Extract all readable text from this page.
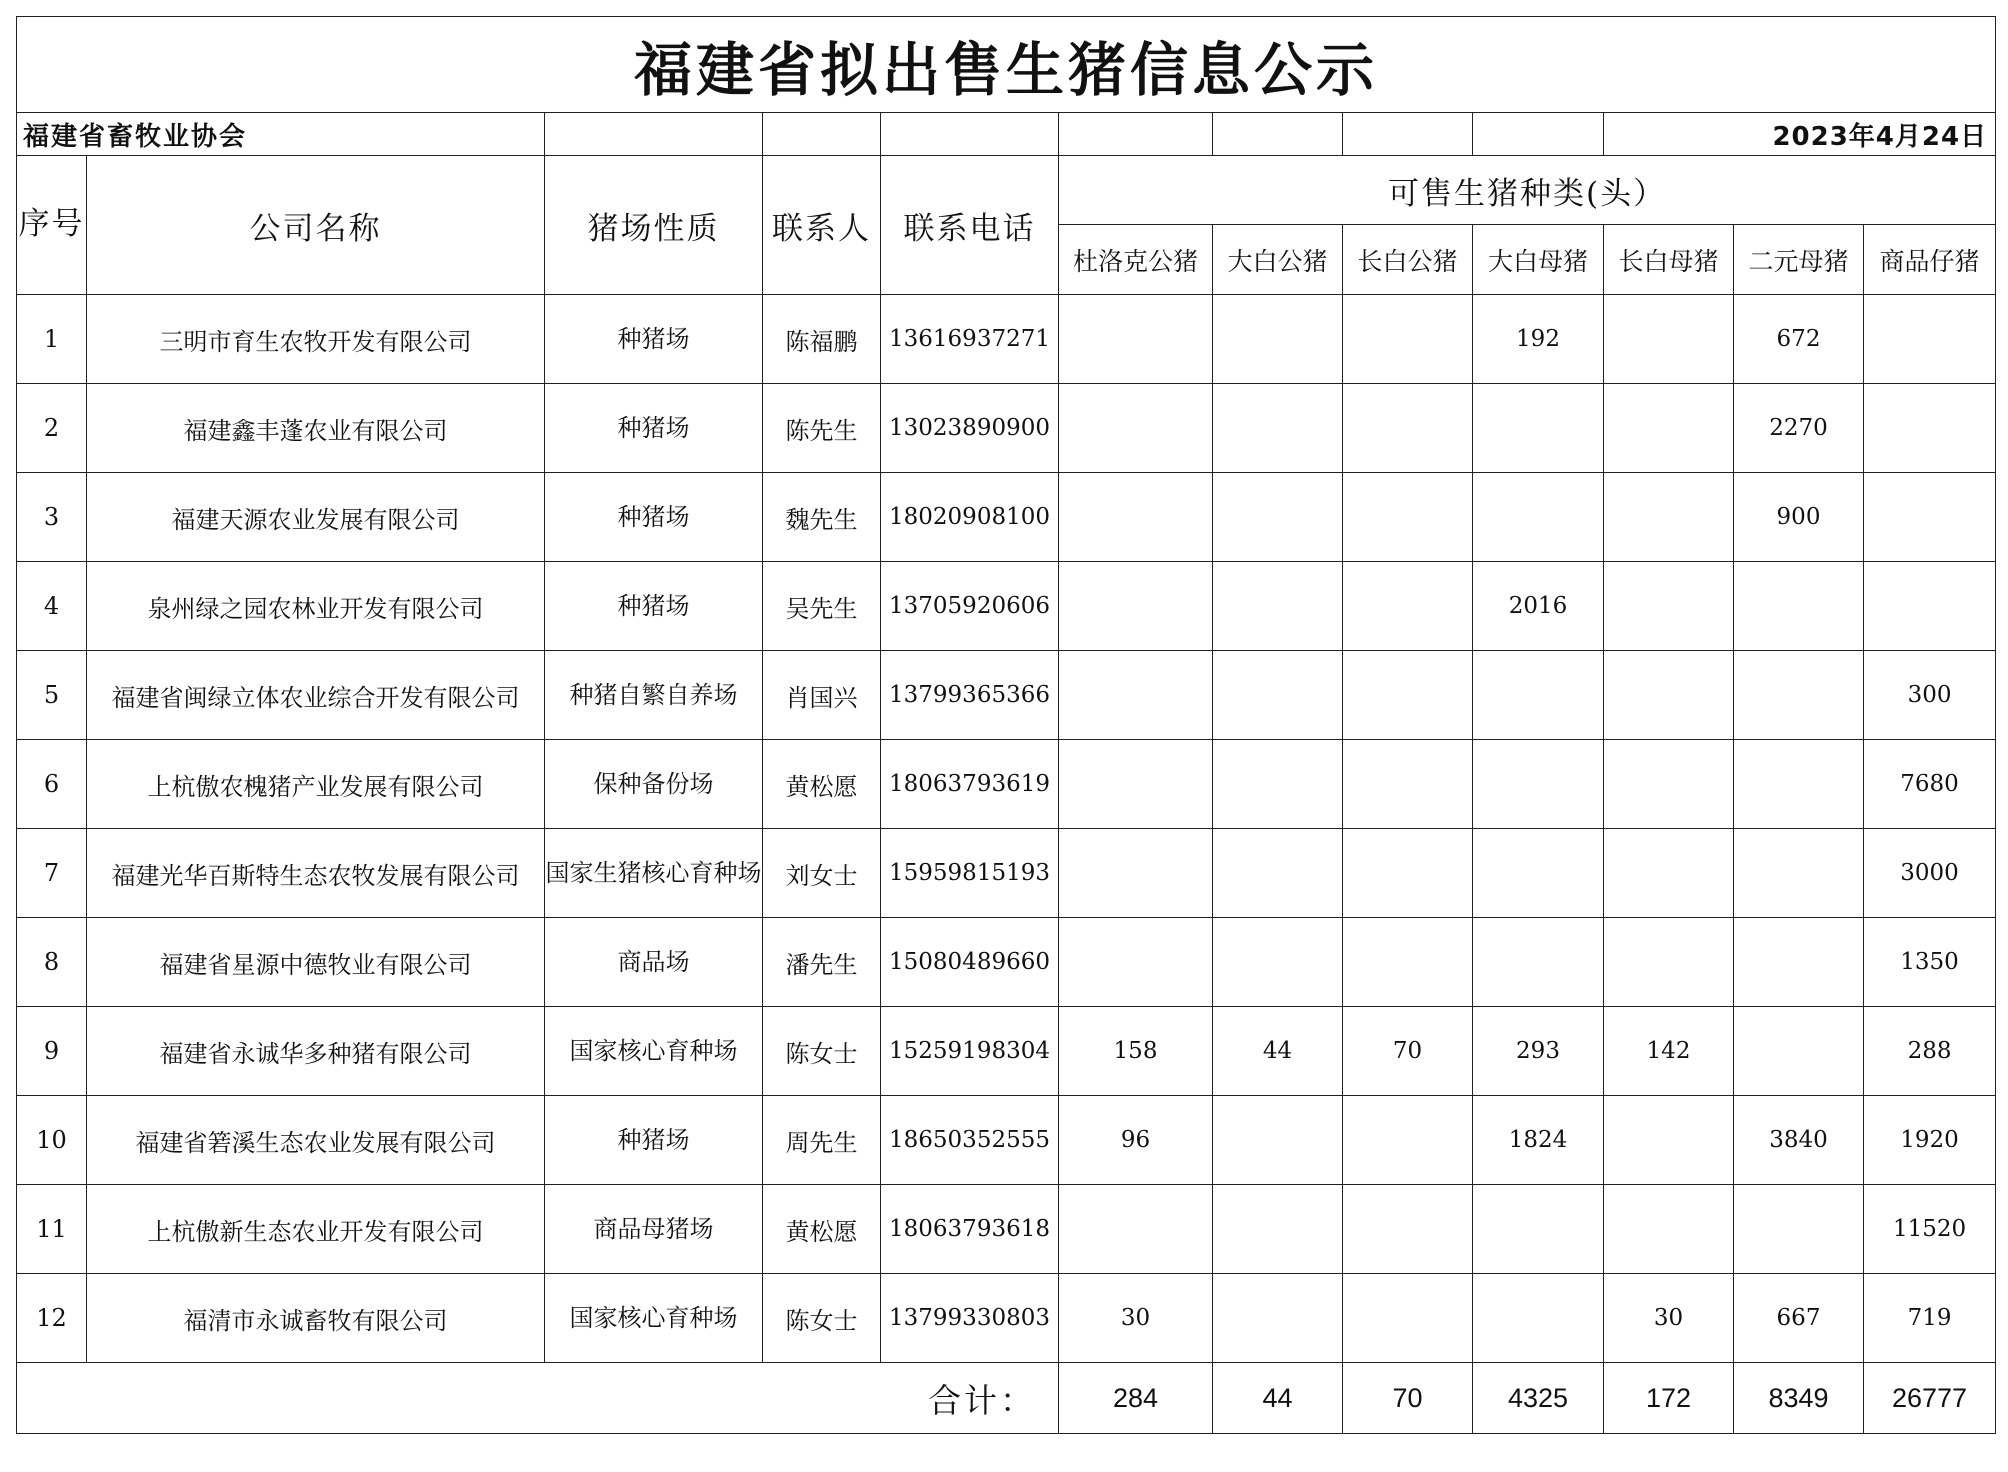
福建省拟出售生猪信息公示											
福建省畜牧业协会									2023年4月24日		
序号	公司名称	猪场性质	联系人	联系电话	可售生猪种类(头）						
					杜洛克公猪	大白公猪	长白公猪	大白母猪	长白母猪	二元母猪	商品仔猪
1	三明市育生农牧开发有限公司	种猪场	陈福鹏	13616937271				192		672	
2	福建鑫丰蓬农业有限公司	种猪场	陈先生	13023890900						2270	
3	福建天源农业发展有限公司	种猪场	魏先生	18020908100						900	
4	泉州绿之园农林业开发有限公司	种猪场	吴先生	13705920606				2016			
5	福建省闽绿立体农业综合开发有限公司	种猪自繁自养场	肖国兴	13799365366							300
6	上杭傲农槐猪产业发展有限公司	保种备份场	黄松愿	18063793619							7680
7	福建光华百斯特生态农牧发展有限公司	国家生猪核心育种场	刘女士	15959815193							3000
8	福建省星源中德牧业有限公司	商品场	潘先生	15080489660							1350
9	福建省永诚华多种猪有限公司	国家核心育种场	陈女士	15259198304	158	44	70	293	142		288
10	福建省箬溪生态农业发展有限公司	种猪场	周先生	18650352555	96			1824		3840	1920
11	上杭傲新生态农业开发有限公司	商品母猪场	黄松愿	18063793618							11520
12	福清市永诚畜牧有限公司	国家核心育种场	陈女士	13799330803	30				30	667	719
合计：					284	44	70	4325	172	8349	26777
